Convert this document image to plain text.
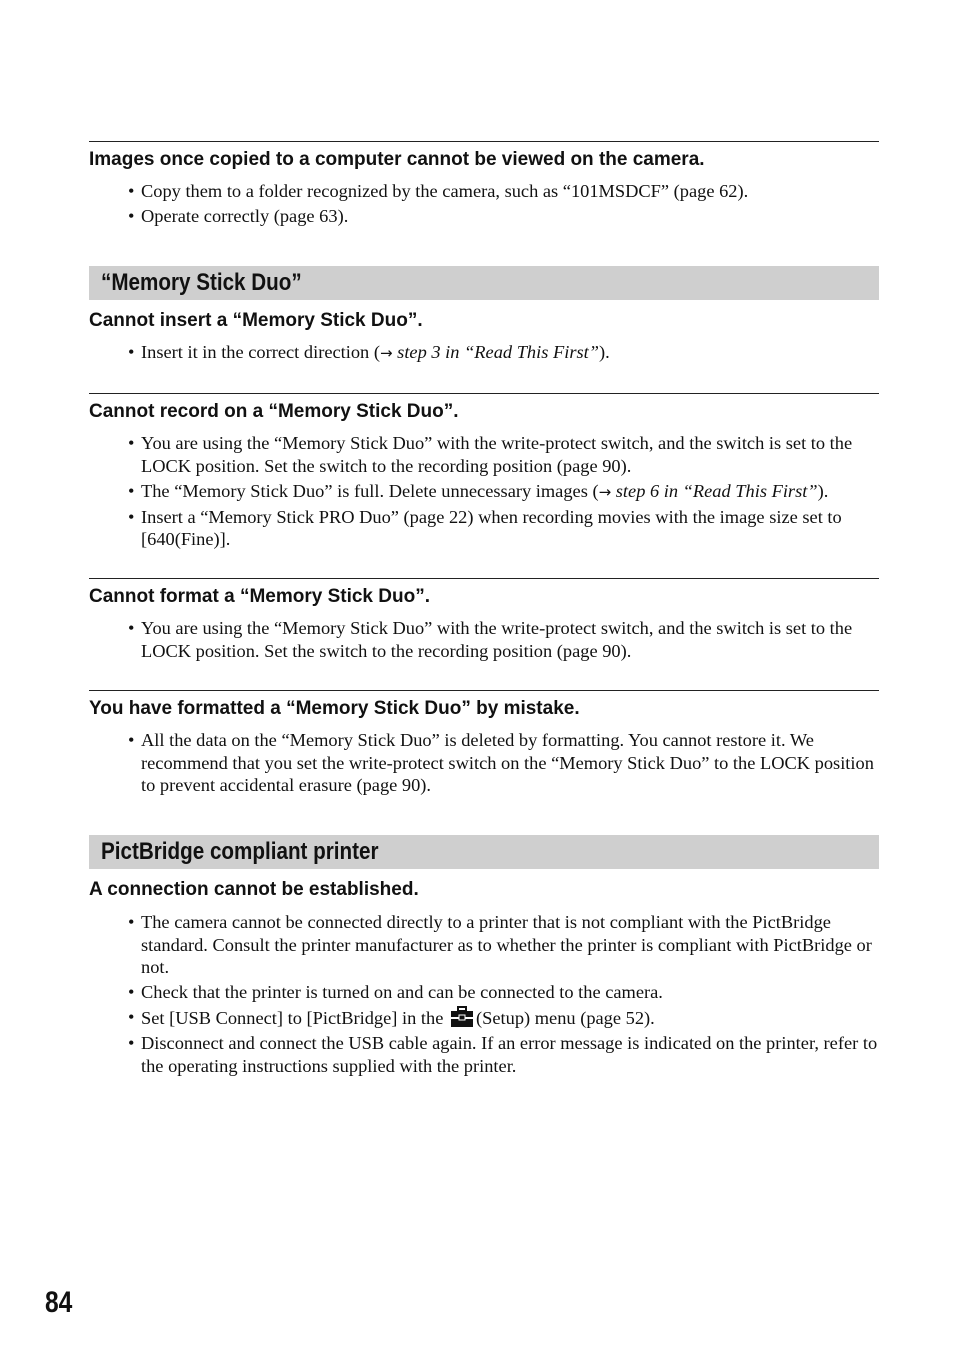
Images once copied to a computer cannot be viewed on the camera.

• Copy them to a folder recognized by the camera, such as “101MSDCF” (page 62).
• Operate correctly (page 63).
“Memory Stick Duo”

Cannot insert a “Memory Stick Duo”.

• Insert it in the correct direction (→ step 3 in “Read This First”).

Cannot record on a “Memory Stick Duo”.

• You are using the “Memory Stick Duo” with the write-protect switch, and the switch is set to the LOCK position. Set the switch to the recording position (page 90).
• The “Memory Stick Duo” is full. Delete unnecessary images (→ step 6 in “Read This First”).
• Insert a “Memory Stick PRO Duo” (page 22) when recording movies with the image size set to [640(Fine)].

Cannot format a “Memory Stick Duo”.

• You are using the “Memory Stick Duo” with the write-protect switch, and the switch is set to the LOCK position. Set the switch to the recording position (page 90).

You have formatted a “Memory Stick Duo” by mistake.

• All the data on the “Memory Stick Duo” is deleted by formatting. You cannot restore it. We recommend that you set the write-protect switch on the “Memory Stick Duo” to the LOCK position to prevent accidental erasure (page 90).
PictBridge compliant printer

A connection cannot be established.

• The camera cannot be connected directly to a printer that is not compliant with the PictBridge standard. Consult the printer manufacturer as to whether the printer is compliant with PictBridge or not.
• Check that the printer is turned on and can be connected to the camera.
• Set [USB Connect] to [PictBridge] in the (Setup) menu (page 52).
• Disconnect and connect the USB cable again. If an error message is indicated on the printer, refer to the operating instructions supplied with the printer.
84
